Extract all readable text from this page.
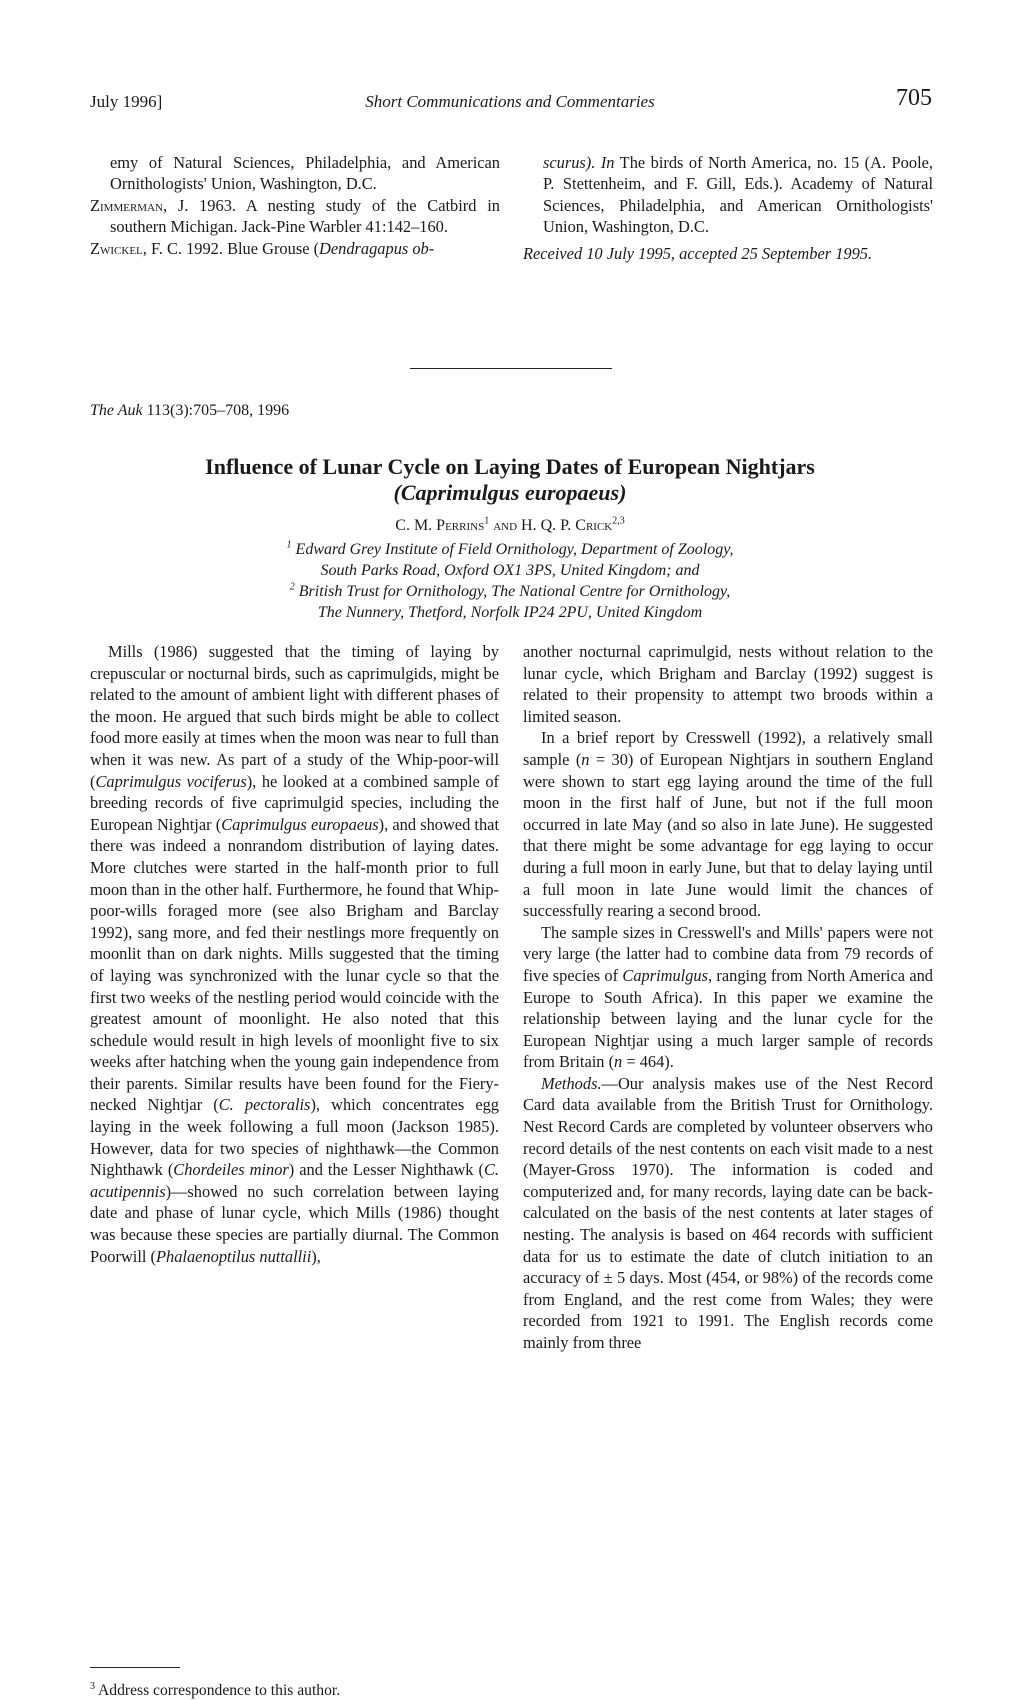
July 1996]	Short Communications and Commentaries	705
emy of Natural Sciences, Philadelphia, and American Ornithologists' Union, Washington, D.C.
Zimmerman, J. 1963. A nesting study of the Catbird in southern Michigan. Jack-Pine Warbler 41:142–160.
Zwickel, F. C. 1992. Blue Grouse (Dendragapus ob-
scurus). In The birds of North America, no. 15 (A. Poole, P. Stettenheim, and F. Gill, Eds.). Academy of Natural Sciences, Philadelphia, and American Ornithologists' Union, Washington, D.C.
Received 10 July 1995, accepted 25 September 1995.
The Auk 113(3):705–708, 1996
Influence of Lunar Cycle on Laying Dates of European Nightjars
(Caprimulgus europaeus)
C. M. Perrins$^1$ and H. Q. P. Crick$^{2,3}$
$^1$ Edward Grey Institute of Field Ornithology, Department of Zoology,
South Parks Road, Oxford OX1 3PS, United Kingdom; and
$^2$ British Trust for Ornithology, The National Centre for Ornithology,
The Nunnery, Thetford, Norfolk IP24 2PU, United Kingdom

Mills (1986) suggested that the timing of laying by crepuscular or nocturnal birds, such as caprimulgids, might be related to the amount of ambient light with different phases of the moon. He argued that such birds might be able to collect food more easily at times when the moon was near to full than when it was new. As part of a study of the Whip-poor-will (Caprimulgus vociferus), he looked at a combined sample of breeding records of five caprimulgid species, including the European Nightjar (Caprimulgus europaeus), and showed that there was indeed a nonrandom distribution of laying dates. More clutches were started in the half-month prior to full moon than in the other half. Furthermore, he found that Whip-poor-wills foraged more (see also Brigham and Barclay 1992), sang more, and fed their nestlings more frequently on moonlit than on dark nights. Mills suggested that the timing of laying was synchronized with the lunar cycle so that the first two weeks of the nestling period would coincide with the greatest amount of moonlight. He also noted that this schedule would result in high levels of moonlight five to six weeks after hatching when the young gain independence from their parents. Similar results have been found for the Fiery-necked Nightjar (C. pectoralis), which concentrates egg laying in the week following a full moon (Jackson 1985). However, data for two species of nighthawk—the Common Nighthawk (Chordeiles minor) and the Lesser Nighthawk (C. acutipennis)—showed no such correlation between laying date and phase of lunar cycle, which Mills (1986) thought was because these species are partially diurnal. The Common Poorwill (Phalaenoptilus nuttallii),

$^3$ Address correspondence to this author.

another nocturnal caprimulgid, nests without relation to the lunar cycle, which Brigham and Barclay (1992) suggest is related to their propensity to attempt two broods within a limited season.

In a brief report by Cresswell (1992), a relatively small sample (n = 30) of European Nightjars in southern England were shown to start egg laying around the time of the full moon in the first half of June, but not if the full moon occurred in late May (and so also in late June). He suggested that there might be some advantage for egg laying to occur during a full moon in early June, but that to delay laying until a full moon in late June would limit the chances of successfully rearing a second brood.

The sample sizes in Cresswell's and Mills' papers were not very large (the latter had to combine data from 79 records of five species of Caprimulgus, ranging from North America and Europe to South Africa). In this paper we examine the relationship between laying and the lunar cycle for the European Nightjar using a much larger sample of records from Britain (n = 464).

Methods.—Our analysis makes use of the Nest Record Card data available from the British Trust for Ornithology. Nest Record Cards are completed by volunteer observers who record details of the nest contents on each visit made to a nest (Mayer-Gross 1970). The information is coded and computerized and, for many records, laying date can be back-calculated on the basis of the nest contents at later stages of nesting. The analysis is based on 464 records with sufficient data for us to estimate the date of clutch initiation to an accuracy of ± 5 days. Most (454, or 98%) of the records come from England, and the rest come from Wales; they were recorded from 1921 to 1991. The English records come mainly from three
